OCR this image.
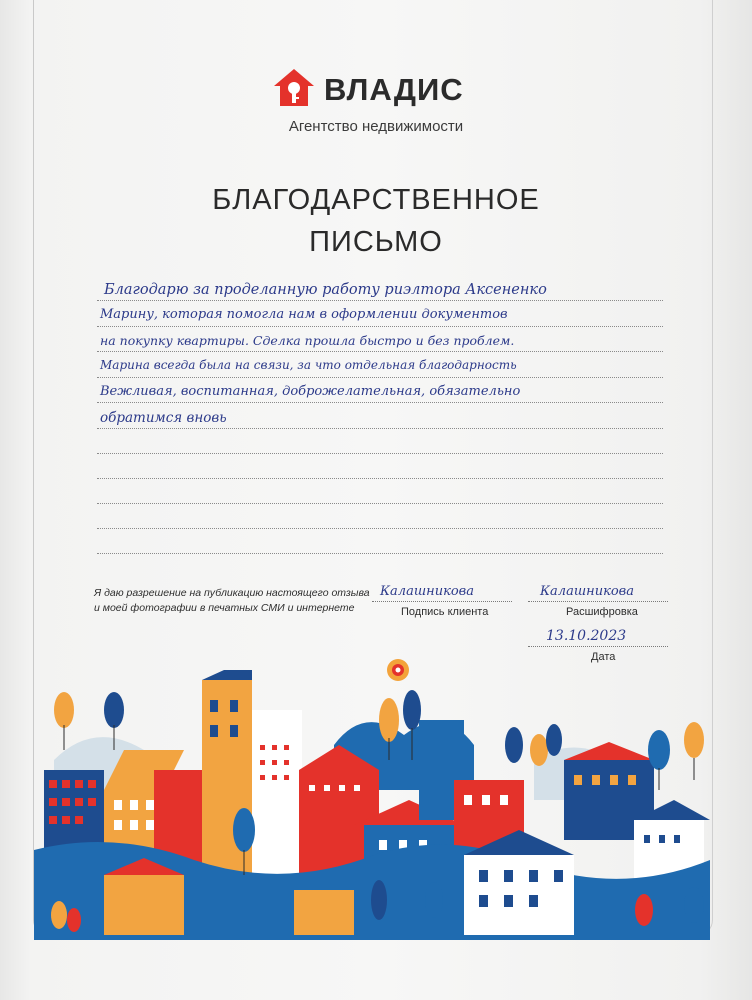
ВЛАДИС
Агентство недвижимости
БЛАГОДАРСТВЕННОЕ
ПИСЬМО
Благодарю за проделанную работу риэлтора Аксененко
Марину, которая помогла нам в оформлении документов
на покупку квартиры. Сделка прошла быстро и без проблем.
Марина всегда была на связи, за что отдельная благодарность
Вежливая, воспитанная, доброжелательная, обязательно
обратимся вновь
Я даю разрешение на публикацию настоящего отзыва
и моей фотографии в печатных СМИ и интернете
Калашникова
Подпись клиента
Калашникова
Расшифровка
13.10.2023
Дата
